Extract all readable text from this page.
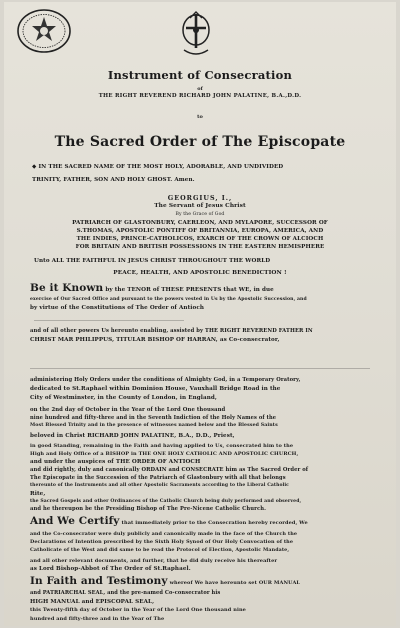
Instrument of Consecration
of
THE RIGHT REVEREND RICHARD JOHN PALATINE, B.A.,D.D.
to
The Sacred Order of The Episcopate
◆ IN THE SACRED NAME OF THE MOST HOLY, ADORABLE, AND UNDIVIDED
TRINITY, FATHER, SON AND HOLY GHOST. Amen.
GEORGIUS, I.,
The Servant of Jesus Christ
By the Grace of God
PATRIARCH OF GLASTONBURY, CAERLEON, AND MYLAPORE, SUCCESSOR OF
S.THOMAS, APOSTOLIC PONTIFF OF BRITANNIA, EUROPA, AMERICA, AND
THE INDIES, PRINCE-CATHOLICOS, EXARCH OF THE CROWN OF ALCIOCH
FOR BRITAIN AND BRITISH POSSESSIONS IN THE EASTERN HEMISPHERE
Unto ALL THE FAITHFUL IN JESUS CHRIST THROUGHOUT THE WORLD
PEACE, HEALTH, AND APOSTOLIC BENEDICTION !
Be it Known by the TENOR of THESE PRESENTS that WE, in due
exercise of Our Sacred Office and pursuant to the powers vested in Us by the Apostolic Succession, and
by virtue of the Constitutions of The Order of Antioch
and of all other powers Us hereunto enabling, assisted by THE RIGHT REVEREND FATHER IN
CHRIST MAR PHILIPPUS, TITULAR BISHOP OF HARRAN, as Co-consecrator,
administering Holy Orders under the conditions of Almighty God, in a Temporary Oratory,
dedicated to St.Raphael within Dominion House, Vauxhall Bridge Road in the
City of Westminster, in the County of London, in England,
on the 2nd day of October in the Year of the Lord One thousand
nine hundred and fifty-three and in the Seventh Indiction of the Holy Names of the
Most Blessed Trinity and in the presence of witnesses named below and the Blessed Saints
beloved in Christ RICHARD JOHN PALATINE, B.A., D.D., Priest,
in good Standing, remaining in the Faith and having applied to Us, consecrated him to the
High and Holy Office of a BISHOP in THE ONE HOLY CATHOLIC AND APOSTOLIC CHURCH,
and under the auspices of THE ORDER OF ANTIOCH
and did rightly, duly and canonically ORDAIN and CONSECRATE him as The Sacred Order of
The Episcopate in the Succession of the Patriarch of Glastonbury with all that belongs
thereunto of the Instruments and all other Apostolic Sacraments according to the Liberal Catholic
Rite,
the Sacred Gospels and other Ordinances of the Catholic Church being duly performed and observed,
and he thereupon be the Presiding Bishop of The Pre-Nicene Catholic Church.
And We Certify that immediately prior to the Consecration hereby recorded, We
and the Co-consecrator were duly publicly and canonically made in the face of the Church the
Declarations of Intention prescribed by the Sixth Holy Synod of Our Holy Convocation of the
Catholicate of the West and did same to be read the Protocol of Election, Apostolic Mandate,
and all other relevant documents, and further, that he did duly receive his thereafter
as Lord Bishop-Abbot of The Order of St.Raphael.
In Faith and Testimony whereof We have hereunto set OUR MANUAL
and PATRIARCHAL SEAL, and the pre-named Co-consecrator his
HIGH MANUAL and EPISCOPAL SEAL,
this Twenty-fifth day of October in the Year of the Lord One thousand nine
hundred and fifty-three and in the Year of The
